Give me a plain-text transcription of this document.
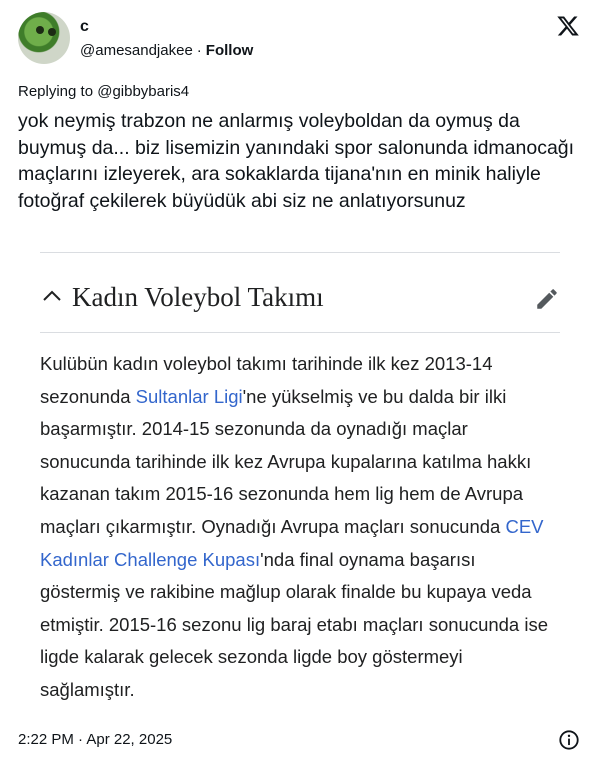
c
@amesandjakee · Follow
Replying to @gibbybaris4
yok neymiş trabzon ne anlarmış voleyboldan da oymuş da buymuş da... biz lisemizin yanındaki spor salonunda idmanocağı maçlarını izleyerek, ara sokaklarda tijana'nın en minik haliyle fotoğraf çekilerek büyüdük abi siz ne anlatıyorsunuz
Kadın Voleybol Takımı
Kulübün kadın voleybol takımı tarihinde ilk kez 2013-14 sezonunda Sultanlar Ligi'ne yükselmiş ve bu dalda bir ilki başarmıştır. 2014-15 sezonunda da oynadığı maçlar sonucunda tarihinde ilk kez Avrupa kupalarına katılma hakkı kazanan takım 2015-16 sezonunda hem lig hem de Avrupa maçları çıkarmıştır. Oynadığı Avrupa maçları sonucunda CEV Kadınlar Challenge Kupası'nda final oynama başarısı göstermiş ve rakibine mağlup olarak finalde bu kupaya veda etmiştir. 2015-16 sezonu lig baraj etabı maçları sonucunda ise ligde kalarak gelecek sezonda ligde boy göstermeyi sağlamıştır.
2:22 PM · Apr 22, 2025
